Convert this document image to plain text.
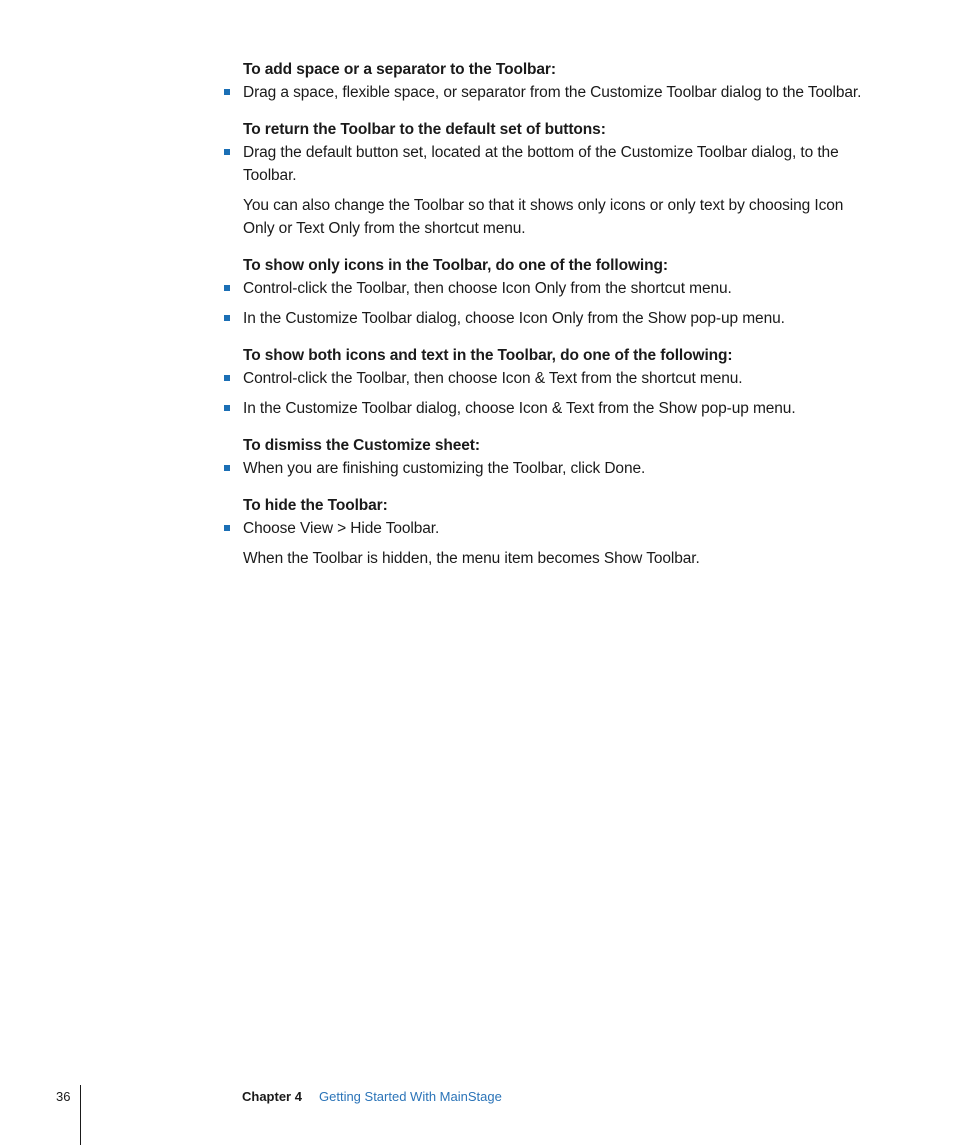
To add space or a separator to the Toolbar:

Drag a space, flexible space, or separator from the Customize Toolbar dialog to the Toolbar.

To return the Toolbar to the default set of buttons:

Drag the default button set, located at the bottom of the Customize Toolbar dialog, to the Toolbar.

You can also change the Toolbar so that it shows only icons or only text by choosing Icon Only or Text Only from the shortcut menu.

To show only icons in the Toolbar, do one of the following:

Control-click the Toolbar, then choose Icon Only from the shortcut menu.
In the Customize Toolbar dialog, choose Icon Only from the Show pop-up menu.

To show both icons and text in the Toolbar, do one of the following:

Control-click the Toolbar, then choose Icon & Text from the shortcut menu.
In the Customize Toolbar dialog, choose Icon & Text from the Show pop-up menu.

To dismiss the Customize sheet:

When you are finishing customizing the Toolbar, click Done.

To hide the Toolbar:

Choose View > Hide Toolbar.

When the Toolbar is hidden, the menu item becomes Show Toolbar.

36	Chapter 4 Getting Started With MainStage
